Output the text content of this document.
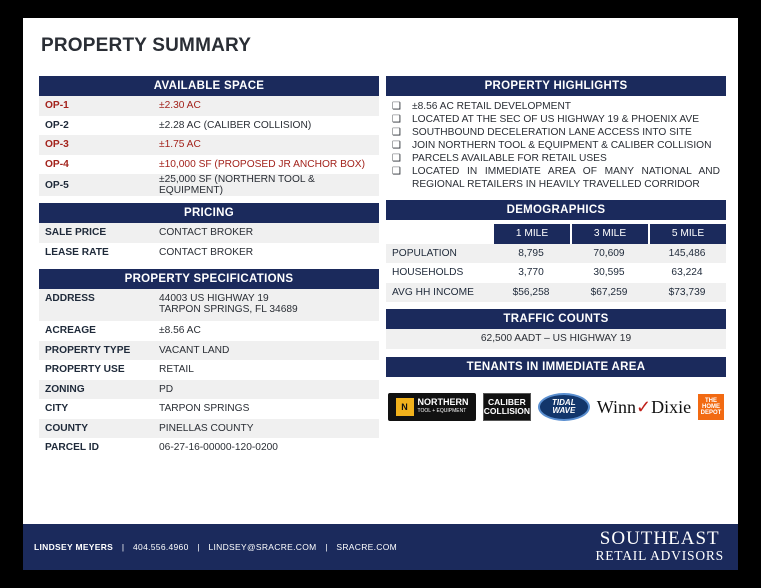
PROPERTY SUMMARY
AVAILABLE SPACE
OP-1	±2.30 AC
OP-2	±2.28 AC (CALIBER COLLISION)
OP-3	±1.75 AC
OP-4	±10,000 SF (PROPOSED JR ANCHOR BOX)
OP-5	±25,000 SF (NORTHERN TOOL & EQUIPMENT)
PRICING
SALE PRICE	CONTACT BROKER
LEASE RATE	CONTACT BROKER
PROPERTY SPECIFICATIONS
ADDRESS	44003 US HIGHWAY 19
TARPON SPRINGS, FL 34689

ACREAGE	±8.56 AC
PROPERTY TYPE	VACANT LAND
PROPERTY USE	RETAIL
ZONING	PD
CITY	TARPON SPRINGS
COUNTY	PINELLAS COUNTY
PARCEL ID	06-27-16-00000-120-0200
PROPERTY HIGHLIGHTS
❑	±8.56 AC RETAIL DEVELOPMENT
❑	LOCATED AT THE SEC OF US HIGHWAY 19 & PHOENIX AVE
❑	SOUTHBOUND DECELERATION LANE ACCESS INTO SITE
❑	JOIN NORTHERN TOOL & EQUIPMENT & CALIBER COLLISION
❑	PARCELS AVAILABLE FOR RETAIL USES
❑	LOCATED IN IMMEDIATE AREA OF MANY NATIONAL AND REGIONAL RETAILERS IN HEAVILY TRAVELLED CORRIDOR
DEMOGRAPHICS
	1 MILE	3 MILE	5 MILE
POPULATION	8,795	70,609	145,486
HOUSEHOLDS	3,770	30,595	63,224
AVG HH INCOME	$56,258	$67,259	$73,739
TRAFFIC COUNTS
62,500 AADT – US HIGHWAY 19
TENANTS IN IMMEDIATE AREA
N	NORTHERN
TOOL + EQUIPMENT
CALIBER
COLLISION
TIDAL
WAVE Winn ✓ Dixie	THE HOME DEPOT
LINDSEY MEYERS | 404.556.4960 | LINDSEY@SRACRE.COM | SRACRE.COM	SOUTHEAST
RETAIL ADVISORS
